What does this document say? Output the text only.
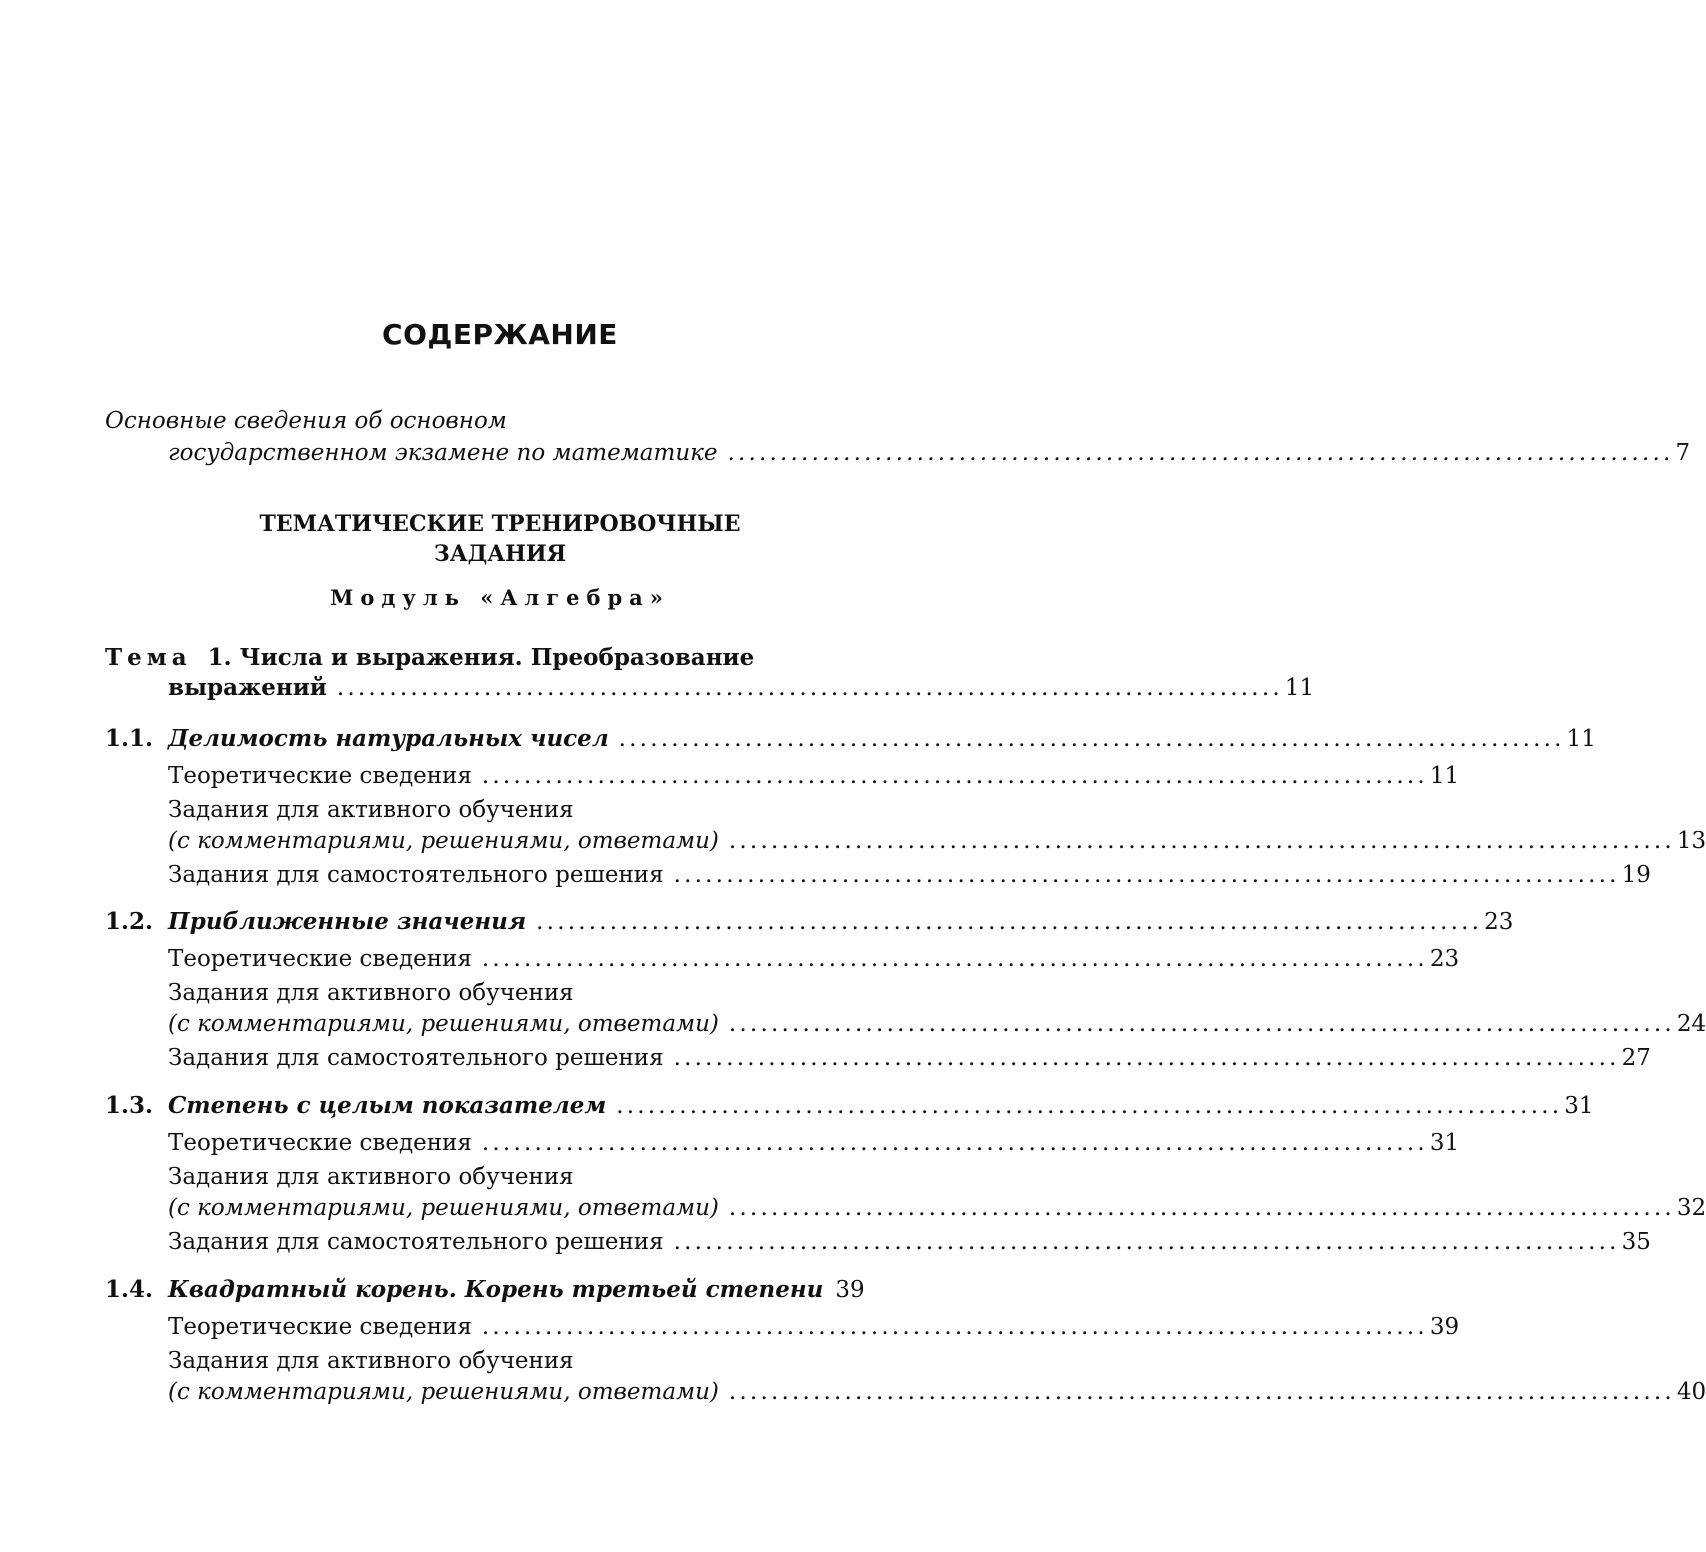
СОДЕРЖАНИЕ
Основные сведения об основном
государственном экзамене по математике .......................................................................................... 7
ТЕМАТИЧЕСКИЕ ТРЕНИРОВОЧНЫЕ
ЗАДАНИЯ
Модуль «Алгебра»
Тема 1. Числа и выражения. Преобразование
выражений .......................................................................................... 11
1.1. Делимость натуральных чисел .......................................................................................... 11
Теоретические сведения .......................................................................................... 11
Задания для активного обучения
(с комментариями, решениями, ответами) .......................................................................................... 13
Задания для самостоятельного решения .......................................................................................... 19
1.2. Приближенные значения .......................................................................................... 23
Теоретические сведения .......................................................................................... 23
Задания для активного обучения
(с комментариями, решениями, ответами) .......................................................................................... 24
Задания для самостоятельного решения .......................................................................................... 27
1.3. Степень с целым показателем .......................................................................................... 31
Теоретические сведения .......................................................................................... 31
Задания для активного обучения
(с комментариями, решениями, ответами) .......................................................................................... 32
Задания для самостоятельного решения .......................................................................................... 35
1.4. Квадратный корень. Корень третьей степени 39
Теоретические сведения .......................................................................................... 39
Задания для активного обучения
(с комментариями, решениями, ответами) .......................................................................................... 40
